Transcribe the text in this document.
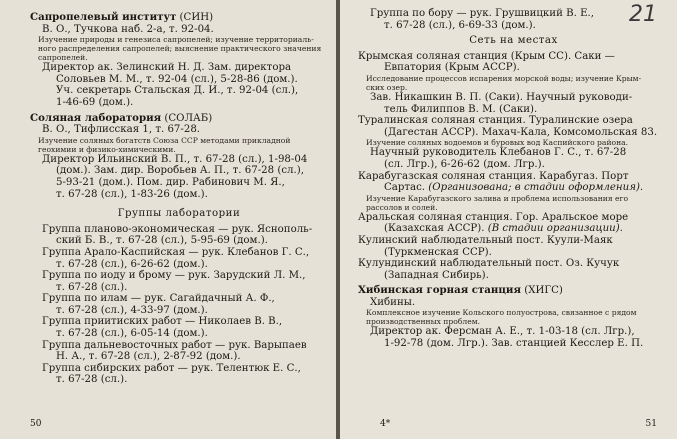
Сапропелевый институт (СИН)
В. О., Тучкова наб. 2-а, т. 92-04.
Изучение природы и генезиса сапропелей; изучение территориаль-
ного распределения сапропелей; выяснение практического значения
сапропелей.
Директор ак. Зелинский Н. Д. Зам. директора
Соловьев М. М., т. 92-04 (сл.), 5-28-86 (дом.).
Уч. секретарь Стальская Д. И., т. 92-04 (сл.),
1-46-69 (дом.).
Соляная лаборатория (СОЛАБ)
В. О., Тифлисская 1, т. 67-28.
Изучение соляных богатств Союза ССР методами прикладной
геохимии и физико-химическими.
Директор Ильинский В. П., т. 67-28 (сл.), 1-98-04
(дом.). Зам. дир. Воробьев А. П., т. 67-28 (сл.),
5-93-21 (дом.). Пом. дир. Рабинович М. Я.,
т. 67-28 (сл.), 1-83-26 (дом.).
Группы лаборатории
Группа планово-экономическая — рук. Яснополь-
ский Б. В., т. 67-28 (сл.), 5-95-69 (дом.).
Группа Арало-Каспийская — рук. Клебанов Г. С.,
т. 67-28 (сл.), 6-26-62 (дом.).
Группа по иоду и брому — рук. Зарудский Л. М.,
т. 67-28 (сл.).
Группа по илам — рук. Сагайдачный А. Ф.,
т. 67-28 (сл.), 4-33-97 (дом.).
Группа приитиских работ — Николаев В. В.,
т. 67-28 (сл.), 6-05-14 (дом.).
Группа дальневосточных работ — рук. Варыпаев
Н. А., т. 67-28 (сл.), 2-87-92 (дом.).
Группа сибирских работ — рук. Телентюк Е. С.,
т. 67-28 (сл.).
50
21
Группа по бору — рук. Грушвицкий В. Е.,
т. 67-28 (сл.), 6-69-33 (дом.).
Сеть на местах
Крымская соляная станция (Крым СС). Саки —
Евпатория (Крым АССР).
Исследование процессов испарения морской воды; изучение Крым-
ских озер.
Зав. Никашкин В. П. (Саки). Научный руководи-
тель Филиппов В. М. (Саки).
Туралинская соляная станция. Туралинские озера
(Дагестан АССР). Махач-Кала, Комсомольская 83.
Изучение соляных водоемов и буровых вод Каспийского района.
Научный руководитель Клебанов Г. С., т. 67-28
(сл. Лгр.), 6-26-62 (дом. Лгр.).
Карабугазская соляная станция. Карабугаз. Порт
Сартас. (Организована; в стадии оформления).
Изучение Карабугазского залива и проблема использования его
рассолов и солей.
Аральская соляная станция. Гор. Аральское море
(Казахская АССР). (В стадии организации).
Кулинский наблюдательный пост. Куули-Маяк
(Туркменская ССР).
Кулундинский наблюдательный пост. Оз. Кучук
(Западная Сибирь).
Хибинская горная станция (ХИГС)
Хибины.
Комплексное изучение Кольского полуострова, связанное с рядом
производственных проблем.
Директор ак. Ферсман А. Е., т. 1-03-18 (сл. Лгр.),
1-92-78 (дом. Лгр.). Зав. станцией Кесслер Е. П.
4*	51
